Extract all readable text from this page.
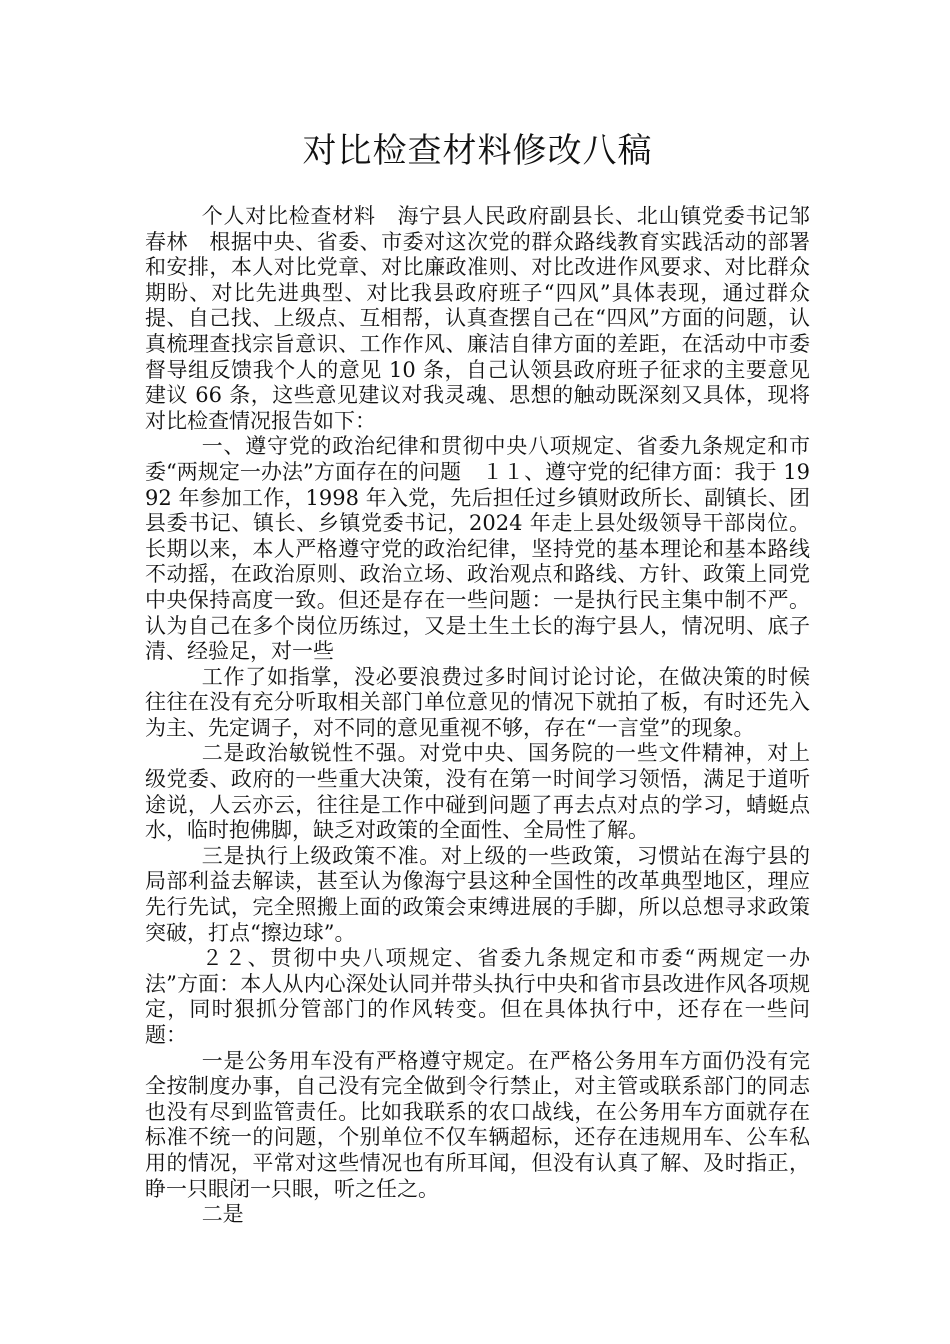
对比检查材料修改八稿

个人对比检查材料　海宁县人民政府副县长、北山镇党委书记邹春林　根据中央、省委、市委对这次党的群众路线教育实践活动的部署和安排，本人对比党章、对比廉政准则、对比改进作风要求、对比群众期盼、对比先进典型、对比我县政府班子“四风”具体表现，通过群众提、自己找、上级点、互相帮，认真查摆自己在“四风”方面的问题，认真梳理查找宗旨意识、工作作风、廉洁自律方面的差距，在活动中市委督导组反馈我个人的意见 10 条，自己认领县政府班子征求的主要意见建议 66 条，这些意见建议对我灵魂、思想的触动既深刻又具体，现将对比检查情况报告如下：

一、遵守党的政治纪律和贯彻中央八项规定、省委九条规定和市委“两规定一办法”方面存在的问题　１１、遵守党的纪律方面：我于 1992 年参加工作，1998 年入党，先后担任过乡镇财政所长、副镇长、团县委书记、镇长、乡镇党委书记，2024 年走上县处级领导干部岗位。长期以来，本人严格遵守党的政治纪律，坚持党的基本理论和基本路线不动摇，在政治原则、政治立场、政治观点和路线、方针、政策上同党中央保持高度一致。但还是存在一些问题：一是执行民主集中制不严。认为自己在多个岗位历练过，又是土生土长的海宁县人，情况明、底子清、经验足，对一些

工作了如指掌，没必要浪费过多时间讨论讨论，在做决策的时候往往在没有充分听取相关部门单位意见的情况下就拍了板，有时还先入为主、先定调子，对不同的意见重视不够，存在“一言堂”的现象。

二是政治敏锐性不强。对党中央、国务院的一些文件精神，对上级党委、政府的一些重大决策，没有在第一时间学习领悟，满足于道听途说，人云亦云，往往是工作中碰到问题了再去点对点的学习，蜻蜓点水，临时抱佛脚，缺乏对政策的全面性、全局性了解。

三是执行上级政策不准。对上级的一些政策，习惯站在海宁县的局部利益去解读，甚至认为像海宁县这种全国性的改革典型地区，理应先行先试，完全照搬上面的政策会束缚进展的手脚，所以总想寻求政策突破，打点“擦边球”。

２２、贯彻中央八项规定、省委九条规定和市委“两规定一办法”方面：本人从内心深处认同并带头执行中央和省市县改进作风各项规定，同时狠抓分管部门的作风转变。但在具体执行中，还存在一些问题：

一是公务用车没有严格遵守规定。在严格公务用车方面仍没有完全按制度办事，自己没有完全做到令行禁止，对主管或联系部门的同志也没有尽到监管责任。比如我联系的农口战线，在公务用车方面就存在标准不统一的问题，个别单位不仅车辆超标，还存在违规用车、公车私用的情况，平常对这些情况也有所耳闻，但没有认真了解、及时指正，睁一只眼闭一只眼，听之任之。

二是
